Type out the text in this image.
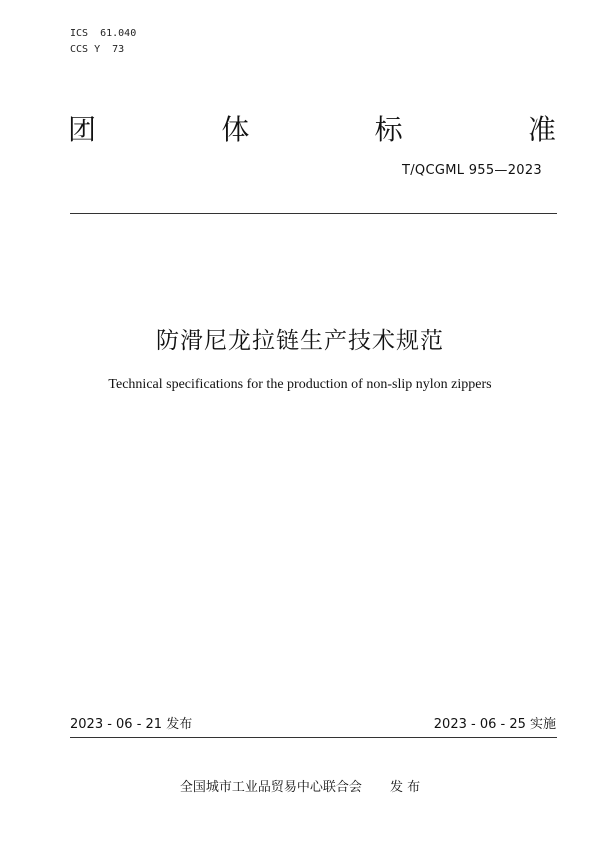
ICS  61.040
CCS Y  73
团	体	标	准
T/QCGML 955—2023
防滑尼龙拉链生产技术规范
Technical specifications for the production of non-slip nylon zippers
2023 - 06 - 21 发布	2023 - 06 - 25 实施
全国城市工业品贸易中心联合会 发 布
